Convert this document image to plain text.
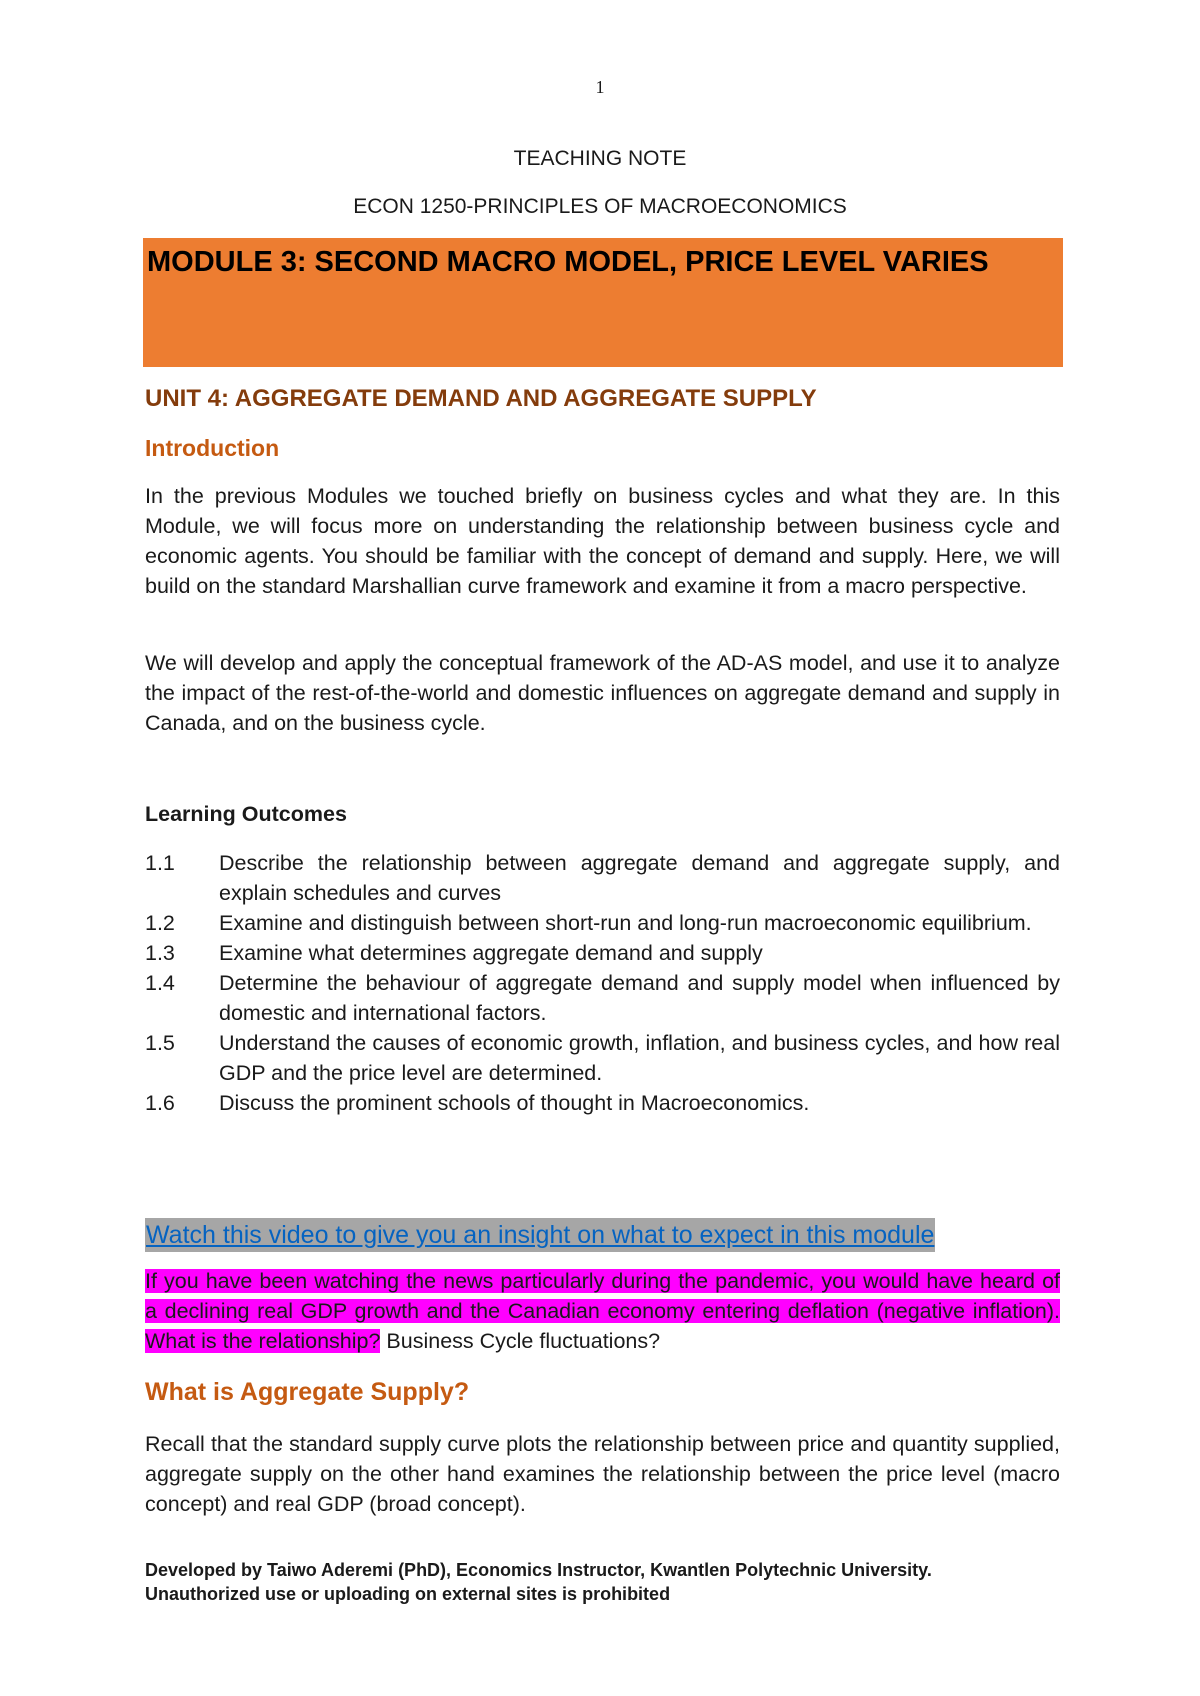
1
TEACHING NOTE
ECON 1250-PRINCIPLES OF MACROECONOMICS
MODULE 3: SECOND MACRO MODEL, PRICE LEVEL VARIES
UNIT 4: AGGREGATE DEMAND AND AGGREGATE SUPPLY
Introduction

In the previous Modules we touched briefly on business cycles and what they are. In this Module, we will focus more on understanding the relationship between business cycle and economic agents. You should be familiar with the concept of demand and supply. Here, we will build on the standard Marshallian curve framework and examine it from a macro perspective.

We will develop and apply the conceptual framework of the AD-AS model, and use it to analyze the impact of the rest-of-the-world and domestic influences on aggregate demand and supply in Canada, and on the business cycle.

Learning Outcomes
1.1	Describe the relationship between aggregate demand and aggregate supply, and explain schedules and curves
1.2	Examine and distinguish between short-run and long-run macroeconomic equilibrium.
1.3	Examine what determines aggregate demand and supply
1.4	Determine the behaviour of aggregate demand and supply model when influenced by domestic and international factors.
1.5	Understand the causes of economic growth, inflation, and business cycles, and how real GDP and the price level are determined.
1.6	Discuss the prominent schools of thought in Macroeconomics.
Watch this video to give you an insight on what to expect in this module

If you have been watching the news particularly during the pandemic, you would have heard of a declining real GDP growth and the Canadian economy entering deflation (negative inflation). What is the relationship? Business Cycle fluctuations?

What is Aggregate Supply?

Recall that the standard supply curve plots the relationship between price and quantity supplied, aggregate supply on the other hand examines the relationship between the price level (macro concept) and real GDP (broad concept).

Developed by Taiwo Aderemi (PhD), Economics Instructor, Kwantlen Polytechnic University.
Unauthorized use or uploading on external sites is prohibited
